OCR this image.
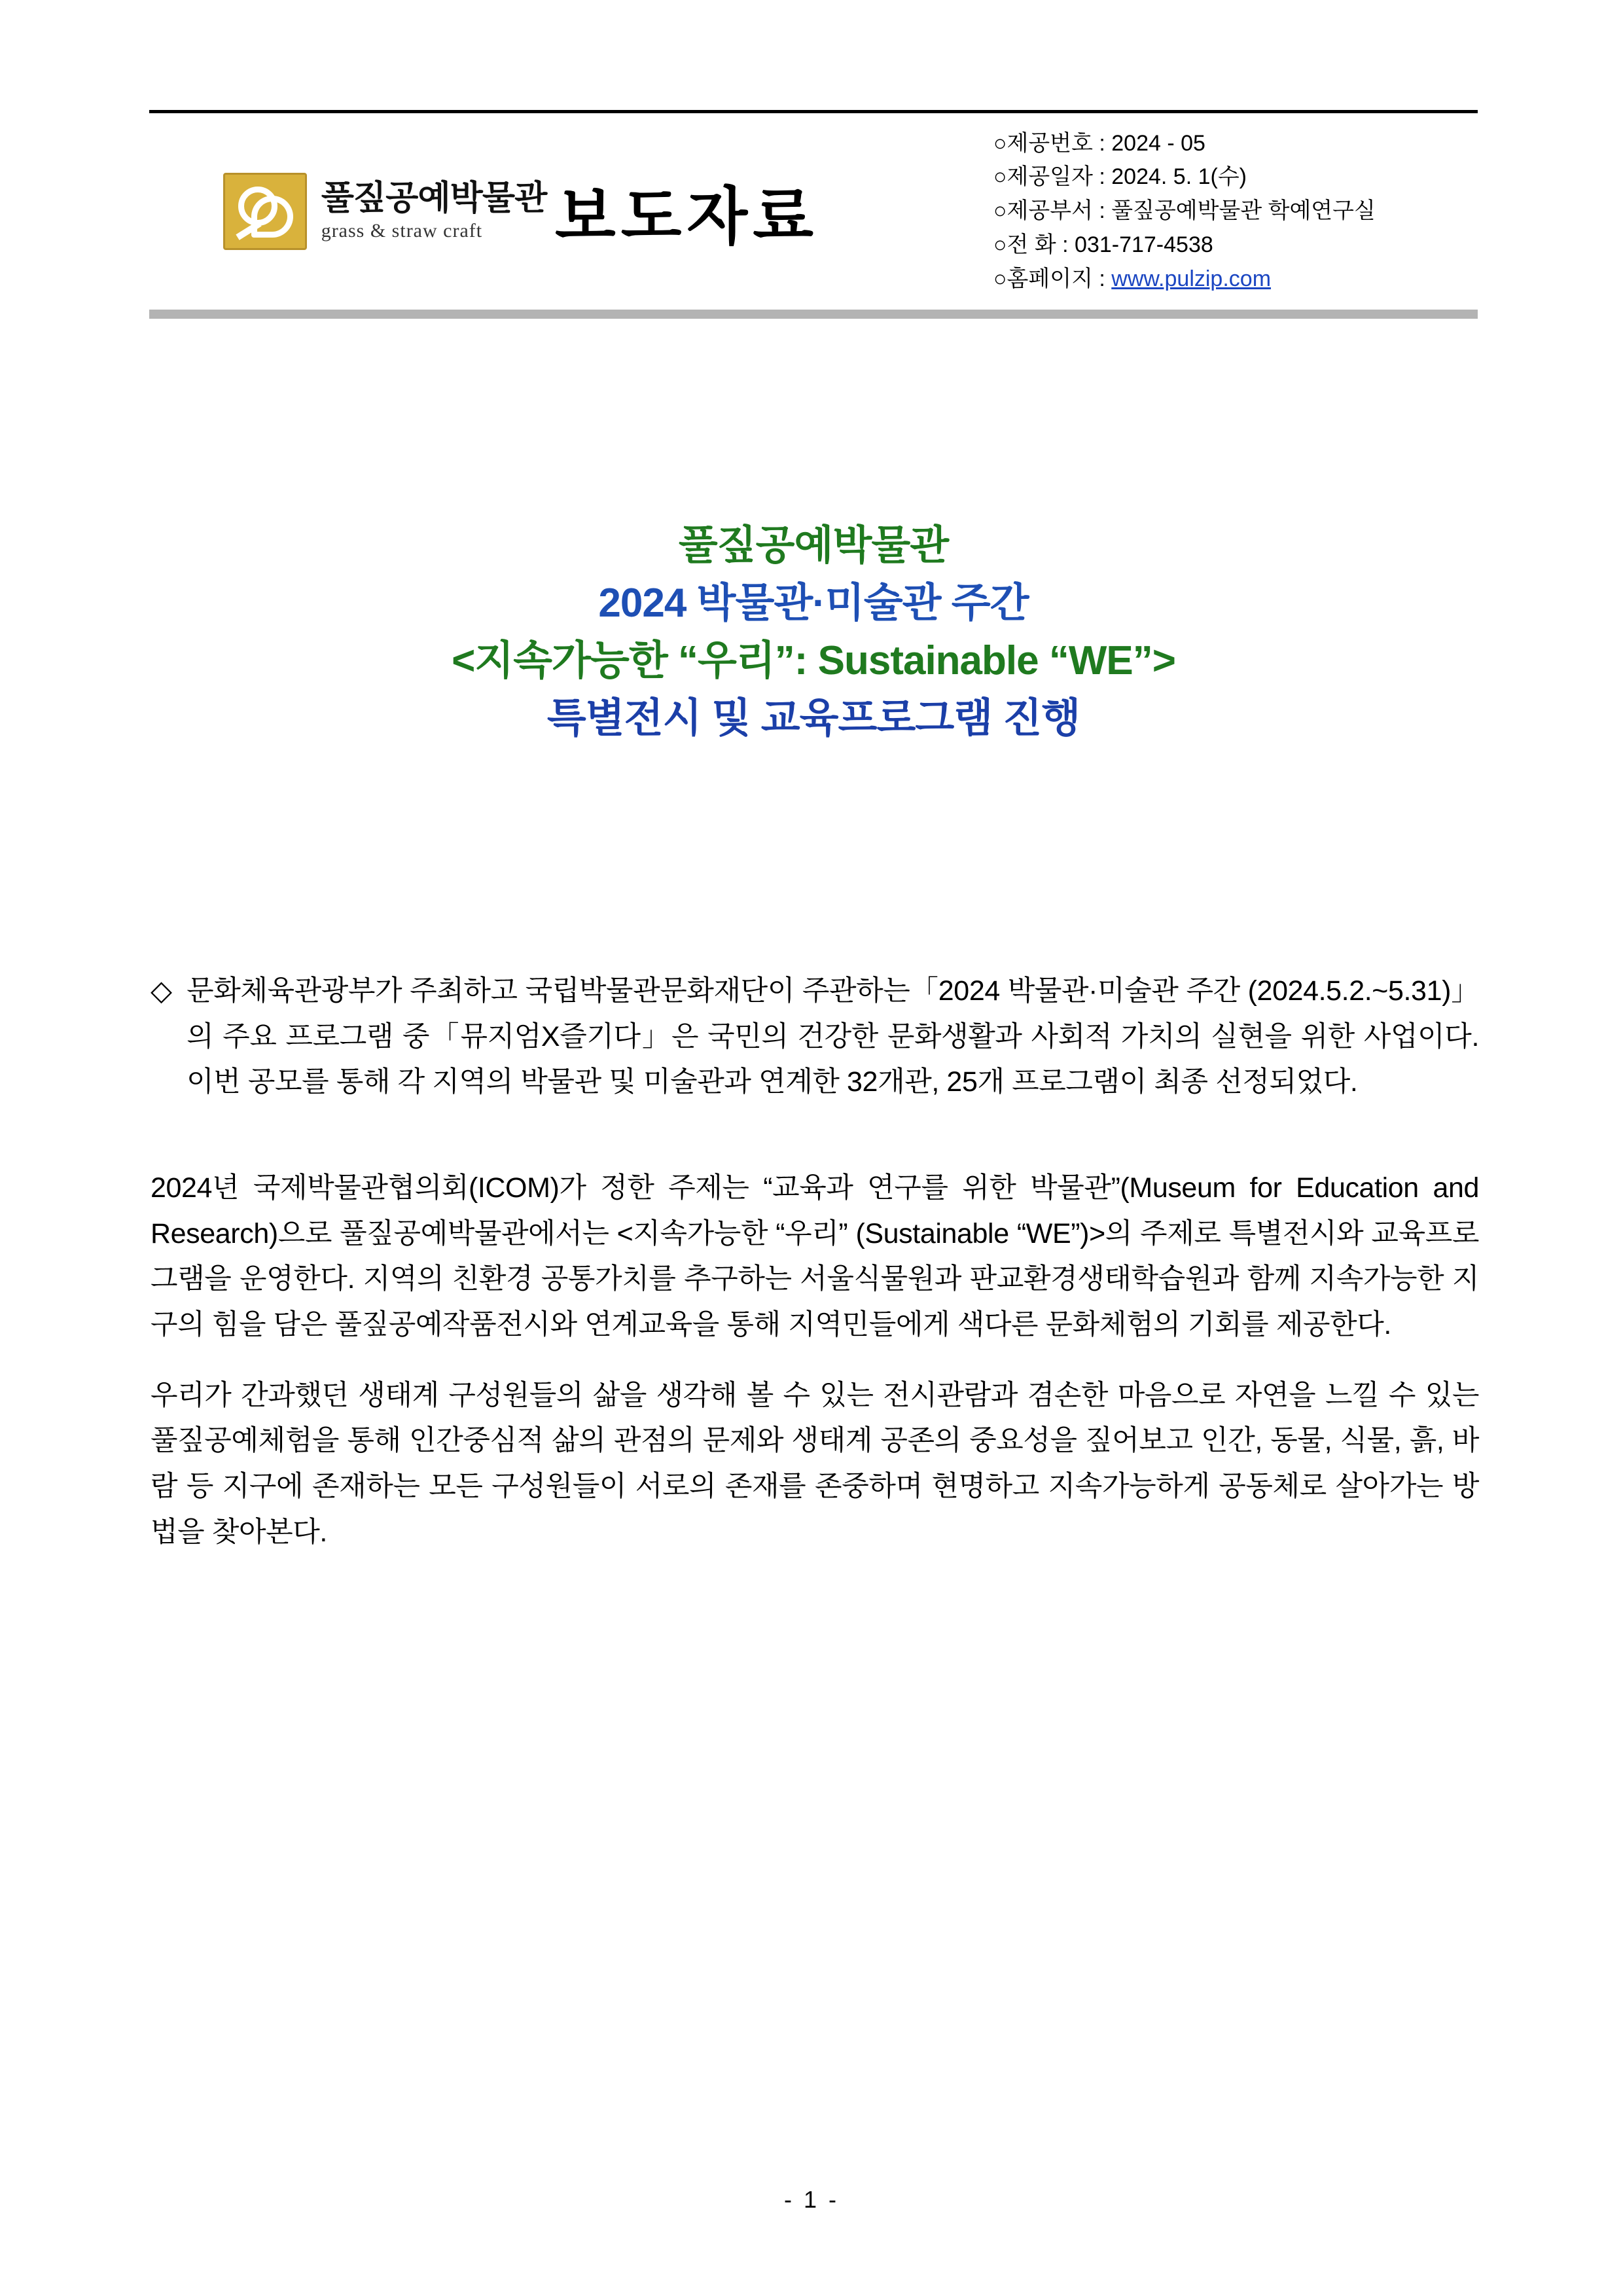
풀짚공예박물관
grass & straw craft	보도자료
○제공번호 : 2024 - 05
○제공일자 : 2024. 5. 1(수)
○제공부서 : 풀짚공예박물관 학예연구실
○전 화 : 031-717-4538
○홈페이지 : www.pulzip.com
풀짚공예박물관
2024 박물관·미술관 주간
<지속가능한 “우리”: Sustainable “WE”>
특별전시 및 교육프로그램 진행
◇ 문화체육관광부가 주최하고 국립박물관문화재단이 주관하는「2024 박물관·미술관 주간 (2024.5.2.~5.31)」의 주요 프로그램 중「뮤지엄X즐기다」은 국민의 건강한 문화생활과 사회적 가치의 실현을 위한 사업이다. 이번 공모를 통해 각 지역의 박물관 및 미술관과 연계한 32개관, 25개 프로그램이 최종 선정되었다.
2024년 국제박물관협의회(ICOM)가 정한 주제는 “교육과 연구를 위한 박물관”(Museum for Education and Research)으로 풀짚공예박물관에서는 <지속가능한 “우리” (Sustainable “WE”)>의 주제로 특별전시와 교육프로그램을 운영한다. 지역의 친환경 공통가치를 추구하는 서울식물원과 판교환경생태학습원과 함께 지속가능한 지구의 힘을 담은 풀짚공예작품전시와 연계교육을 통해 지역민들에게 색다른 문화체험의 기회를 제공한다.
우리가 간과했던 생태계 구성원들의 삶을 생각해 볼 수 있는 전시관람과 겸손한 마음으로 자연을 느낄 수 있는 풀짚공예체험을 통해 인간중심적 삶의 관점의 문제와 생태계 공존의 중요성을 짚어보고 인간, 동물, 식물, 흙, 바람 등 지구에 존재하는 모든 구성원들이 서로의 존재를 존중하며 현명하고 지속가능하게 공동체로 살아가는 방법을 찾아본다.
- 1 -
